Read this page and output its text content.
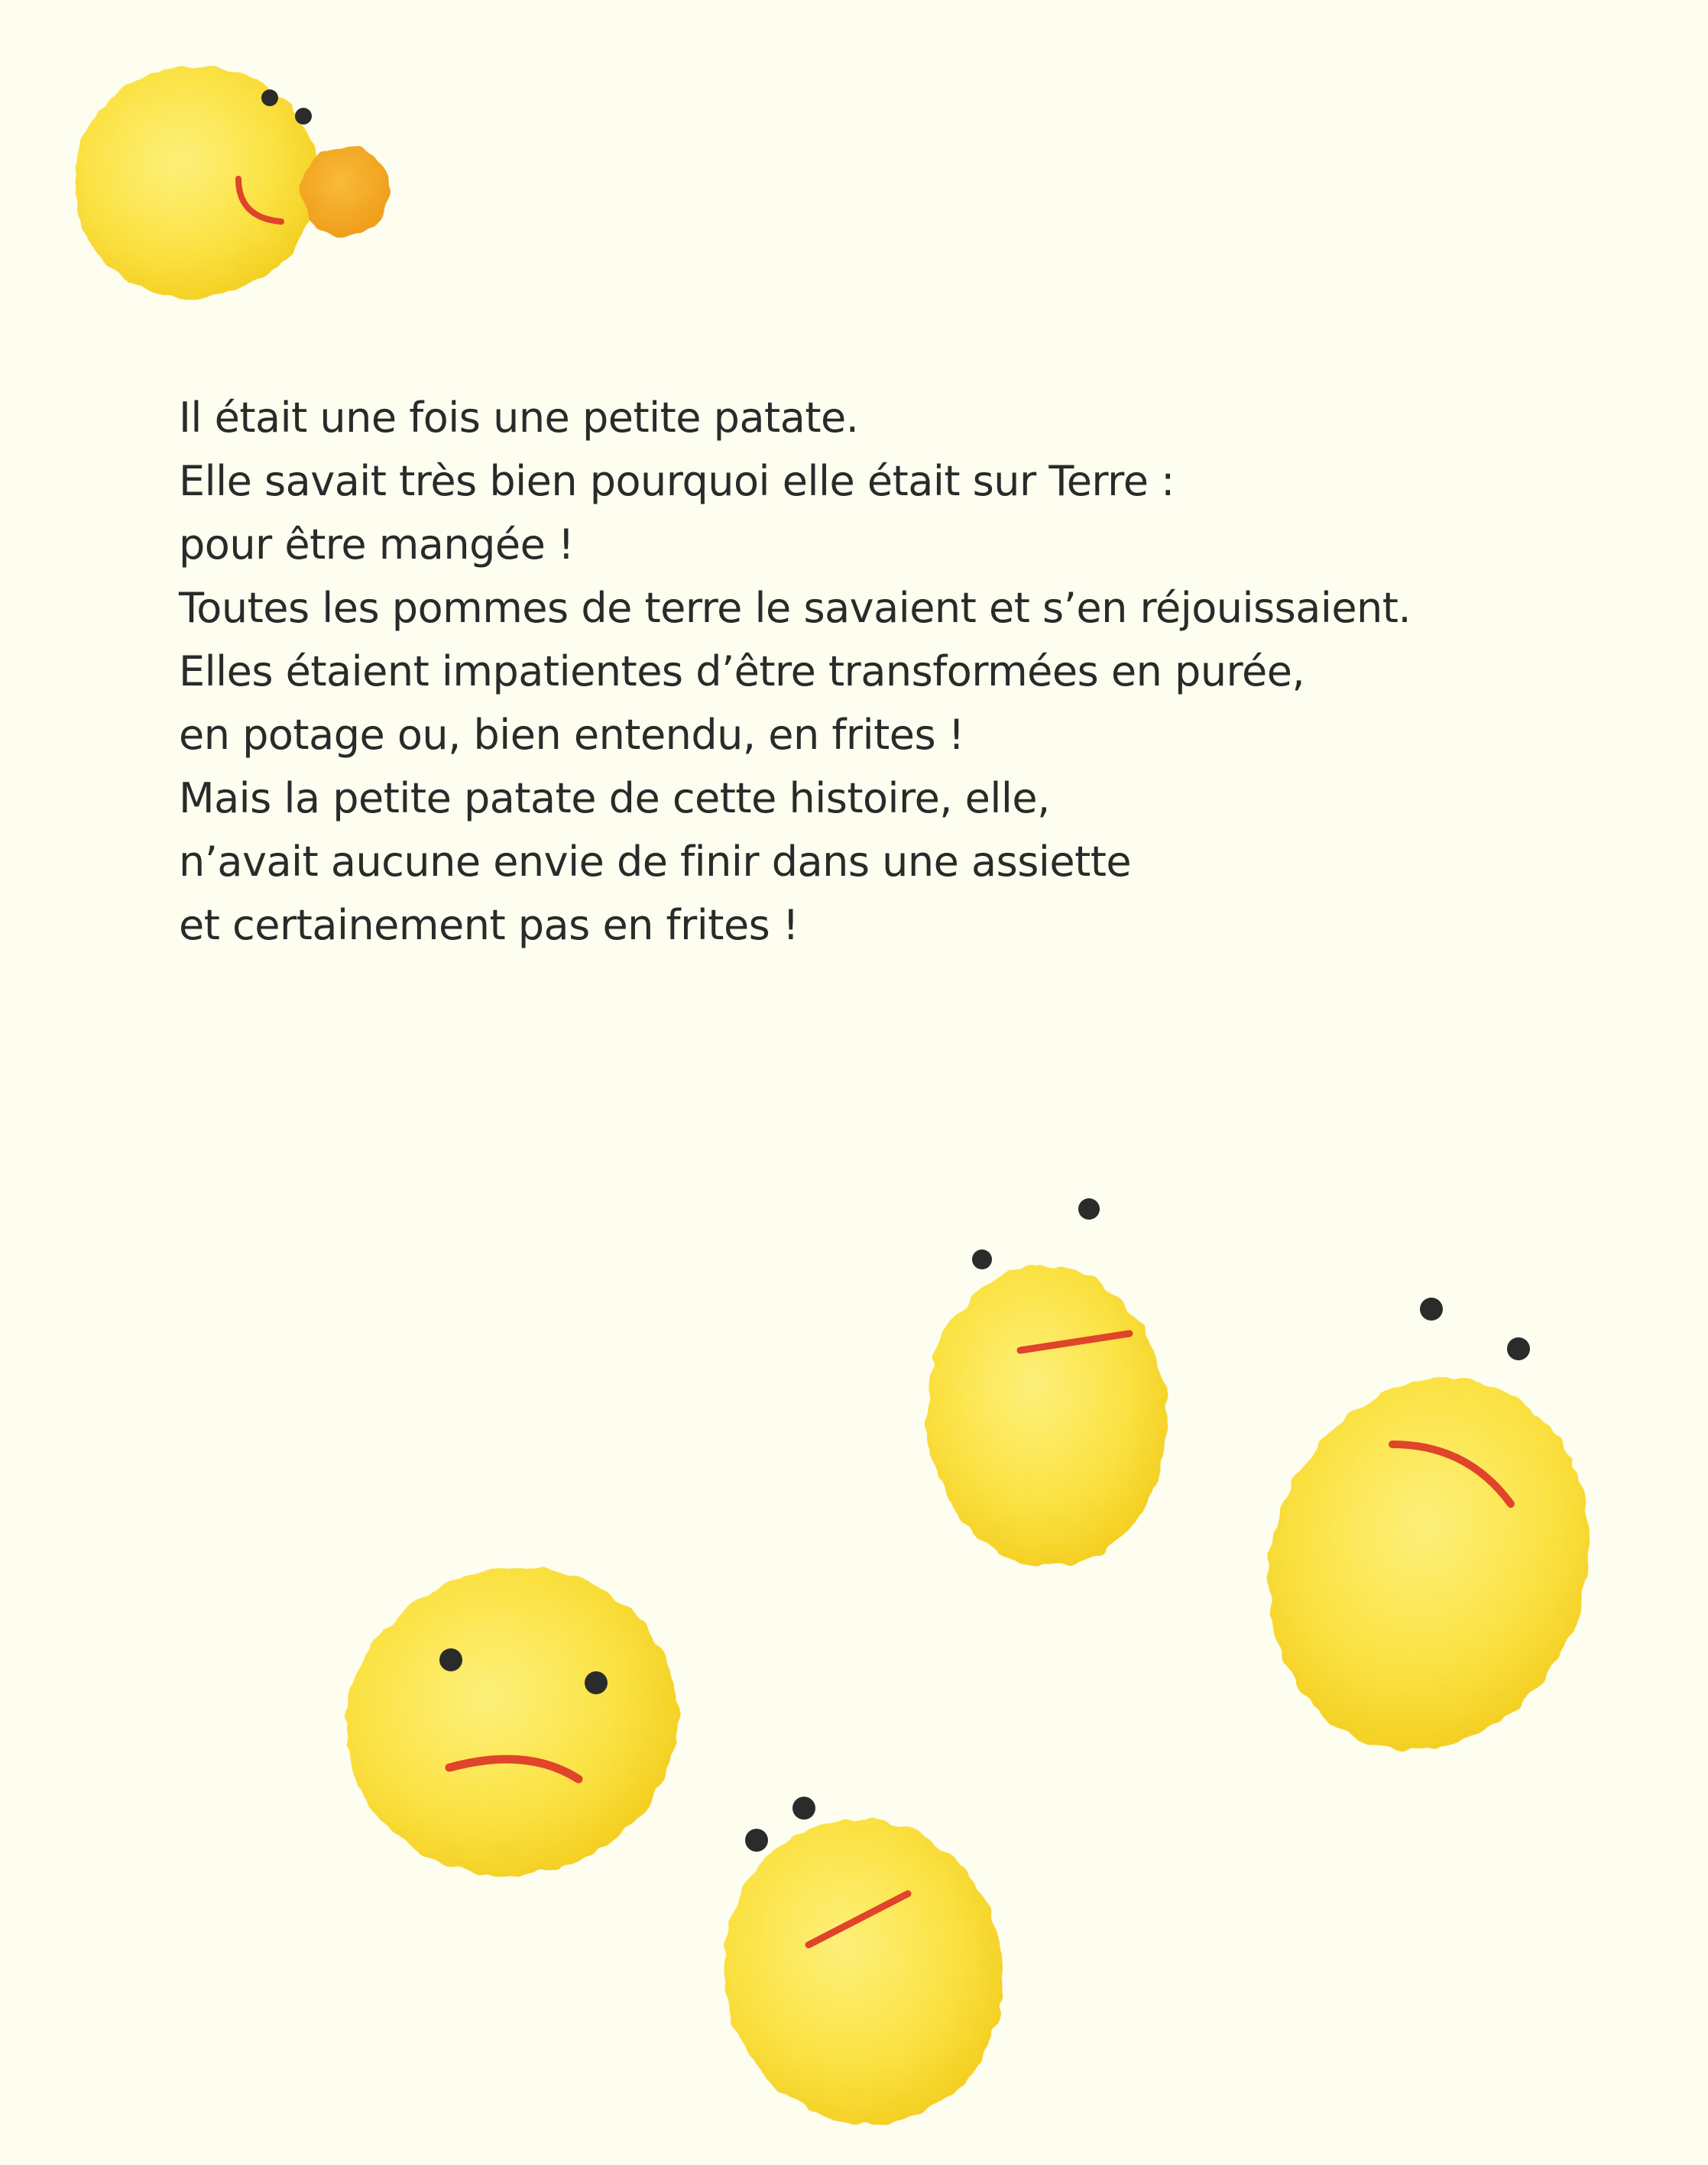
Il était une fois une petite patate.
Elle savait très bien pourquoi elle était sur Terre :
pour être mangée !
Toutes les pommes de terre le savaient et s’en réjouissaient.
Elles étaient impatientes d’être transformées en purée,
en potage ou, bien entendu, en frites !
Mais la petite patate de cette histoire, elle,
n’avait aucune envie de finir dans une assiette
et certainement pas en frites !
